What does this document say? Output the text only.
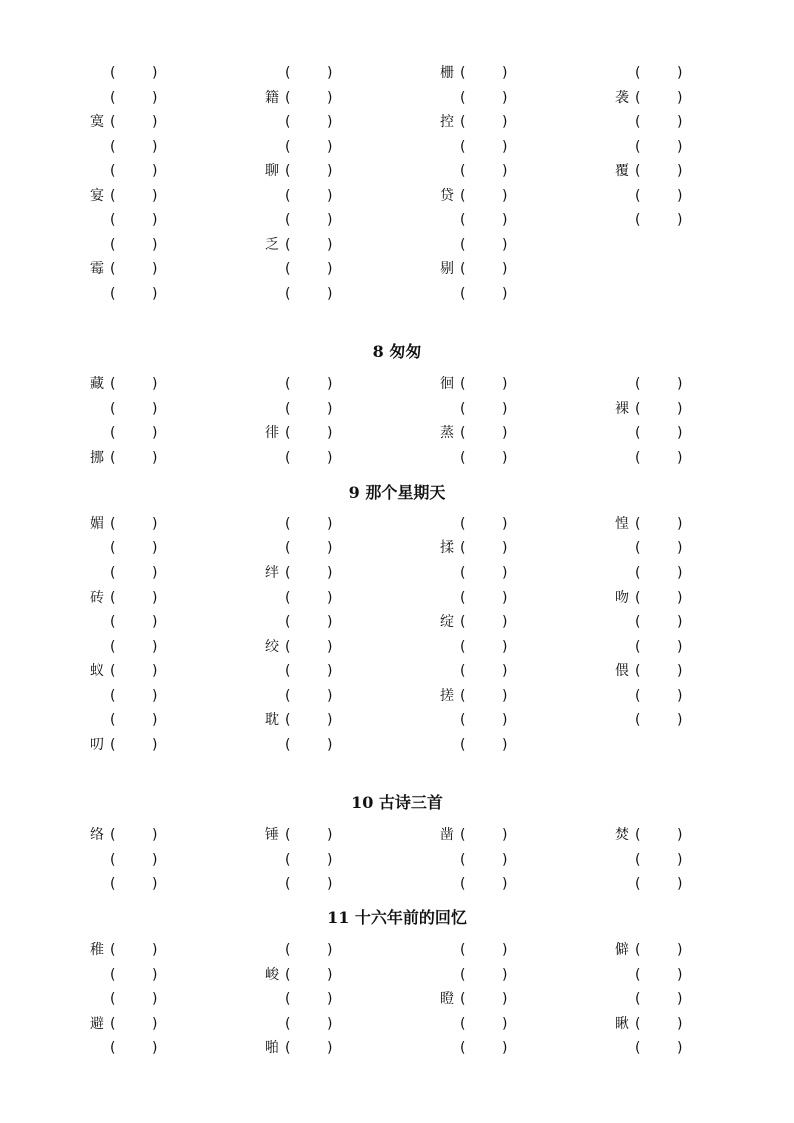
(	)	(	)	栅 (	)	(	)
(	)	籍 (	)	(	)	袭 (	)
寞 (	)	(	)	控 (	)	(	)
(	)	(	)	(	)	(	)
(	)	聊 (	)	(	)	覆 (	)
宴 (	)	(	)	贷 (	)	(	)
(	)	(	)	(	)	(	)
(	)	乏 (	)	(	)
霉 (	)	(	)	剔 (	)
(	)	(	)	(	)
8 匆匆
藏 (	)	(	)	徊 (	)	(	)
(	)	(	)	(	)	裸 (	)
(	)	徘 (	)	蒸 (	)	(	)
挪 (	)	(	)	(	)	(	)
9 那个星期天
媚 (	)	(	)	(	)	惶 (	)
(	)	(	)	揉 (	)	(	)
(	)	绊 (	)	(	)	(	)
砖 (	)	(	)	(	)	吻 (	)
(	)	(	)	绽 (	)	(	)
(	)	绞 (	)	(	)	(	)
蚁 (	)	(	)	(	)	偎 (	)
(	)	(	)	搓 (	)	(	)
(	)	耽 (	)	(	)	(	)
叨 (	)	(	)	(	)
10 古诗三首
络 (	)	锤 (	)	凿 (	)	焚 (	)
(	)	(	)	(	)	(	)
(	)	(	)	(	)	(	)
11 十六年前的回忆
稚 (	)	(	)	(	)	僻 (	)
(	)	峻 (	)	(	)	(	)
(	)	(	)	瞪 (	)	(	)
避 (	)	(	)	(	)	瞅 (	)
(	)	啪 (	)	(	)	(	)
